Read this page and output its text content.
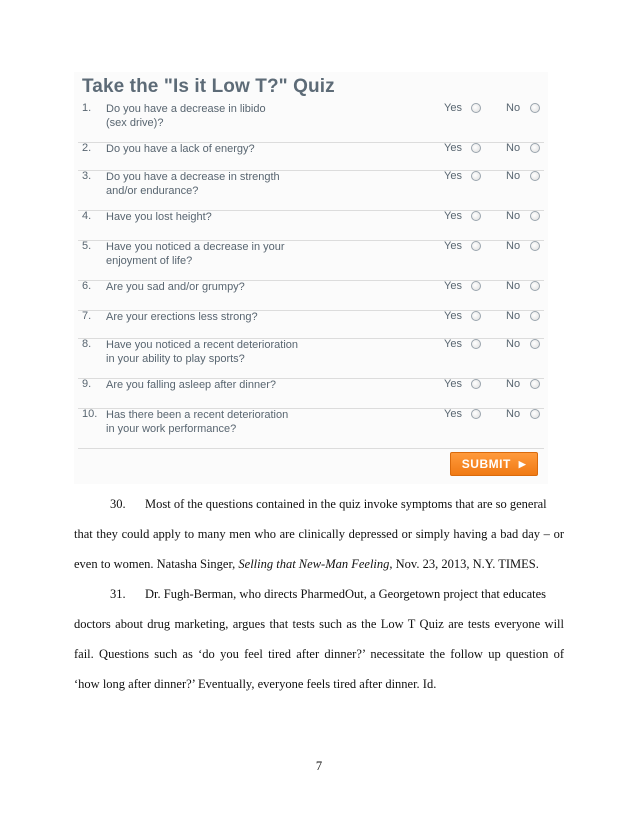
Take the "Is it Low T?" Quiz
1. Do you have a decrease in libido
(sex drive)?
Yes	No
2. Do you have a lack of energy?	Yes	No
3. Do you have a decrease in strength
and/or endurance?
Yes	No
4. Have you lost height?	Yes	No
5. Have you noticed a decrease in your
enjoyment of life?
Yes	No
6. Are you sad and/or grumpy?	Yes	No
7. Are your erections less strong?	Yes	No
8. Have you noticed a recent deterioration
in your ability to play sports?
Yes	No
9. Are you falling asleep after dinner?	Yes	No
10. Has there been a recent deterioration
in your work performance?
Yes	No
SUBMIT ▶
30. Most of the questions contained in the quiz invoke symptoms that are so general
that they could apply to many men who are clinically depressed or simply having a bad day – or
even to women. Natasha Singer, Selling that New-Man Feeling, Nov. 23, 2013, N.Y. TIMES.
31. Dr. Fugh-Berman, who directs PharmedOut, a Georgetown project that educates
doctors about drug marketing, argues that tests such as the Low T Quiz are tests everyone will
fail. Questions such as ‘do you feel tired after dinner?’ necessitate the follow up question of
‘how long after dinner?’ Eventually, everyone feels tired after dinner. Id.
7
